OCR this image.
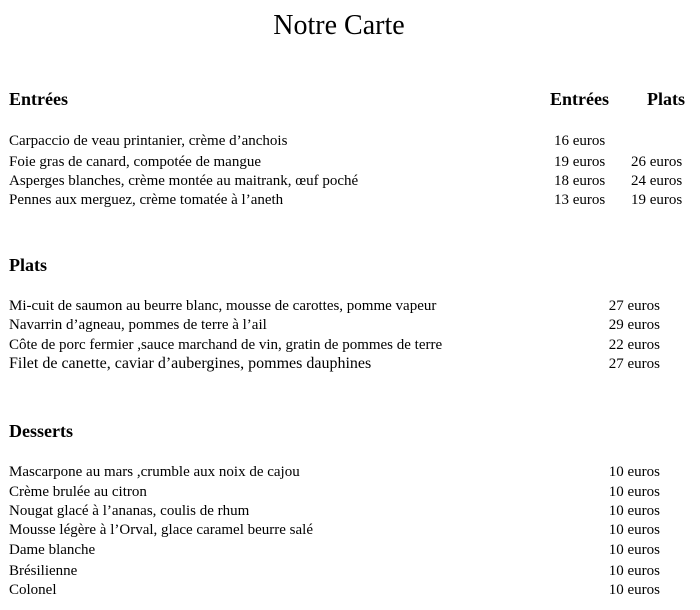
Notre Carte
Entrées	Entrées Plats
Carpaccio de veau printanier, crème d’anchois	16 euros
Foie gras de canard, compotée de mangue	19 euros 26 euros
Asperges blanches, crème montée au maitrank, œuf poché	18 euros 24 euros
Pennes aux merguez, crème tomatée à l’aneth	13 euros 19 euros
Plats
Mi-cuit de saumon au beurre blanc, mousse de carottes, pomme vapeur	27 euros
Navarrin d’agneau, pommes de terre à l’ail	29 euros
Côte de porc fermier ,sauce marchand de vin, gratin de pommes de terre	22 euros
Filet de canette, caviar d’aubergines, pommes dauphines	27 euros
Desserts
Mascarpone au mars ,crumble aux noix de cajou	10 euros
Crème brulée au citron	10 euros
Nougat glacé à l’ananas, coulis de rhum	10 euros
Mousse légère à l’Orval, glace caramel beurre salé	10 euros
Dame blanche	10 euros
Brésilienne	10 euros
Colonel	10 euros
